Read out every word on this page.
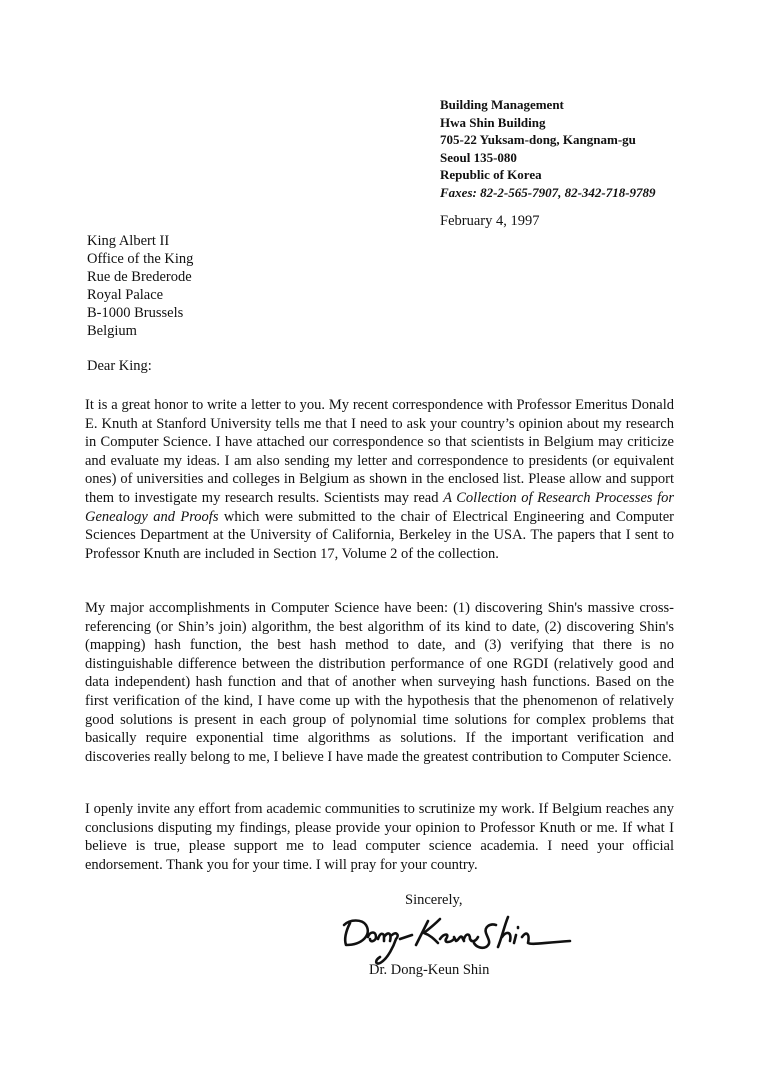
Building Management
Hwa Shin Building
705-22 Yuksam-dong, Kangnam-gu
Seoul 135-080
Republic of Korea
Faxes: 82-2-565-7907, 82-342-718-9789
February 4, 1997
King Albert II
Office of the King
Rue de Brederode
Royal Palace
B-1000 Brussels
Belgium
Dear King:

It is a great honor to write a letter to you. My recent correspondence with Professor Emeritus Donald E. Knuth at Stanford University tells me that I need to ask your country’s opinion about my research in Computer Science. I have attached our correspondence so that scientists in Belgium may criticize and evaluate my ideas. I am also sending my letter and correspondence to presidents (or equivalent ones) of universities and colleges in Belgium as shown in the enclosed list. Please allow and support them to investigate my research results. Scientists may read A Collection of Research Processes for Genealogy and Proofs which were submitted to the chair of Electrical Engineering and Computer Sciences Department at the University of California, Berkeley in the USA. The papers that I sent to Professor Knuth are included in Section 17, Volume 2 of the collection.

My major accomplishments in Computer Science have been: (1) discovering Shin's massive cross-referencing (or Shin’s join) algorithm, the best algorithm of its kind to date, (2) discovering Shin's (mapping) hash function, the best hash method to date, and (3) verifying that there is no distinguishable difference between the distribution performance of one RGDI (relatively good and data independent) hash function and that of another when surveying hash functions. Based on the first verification of the kind, I have come up with the hypothesis that the phenomenon of relatively good solutions is present in each group of polynomial time solutions for complex problems that basically require exponential time algorithms as solutions. If the important verification and discoveries really belong to me, I believe I have made the greatest contribution to Computer Science.

I openly invite any effort from academic communities to scrutinize my work. If Belgium reaches any conclusions disputing my findings, please provide your opinion to Professor Knuth or me. If what I believe is true, please support me to lead computer science academia. I need your official endorsement. Thank you for your time. I will pray for your country.

Sincerely,
Dr. Dong-Keun Shin
